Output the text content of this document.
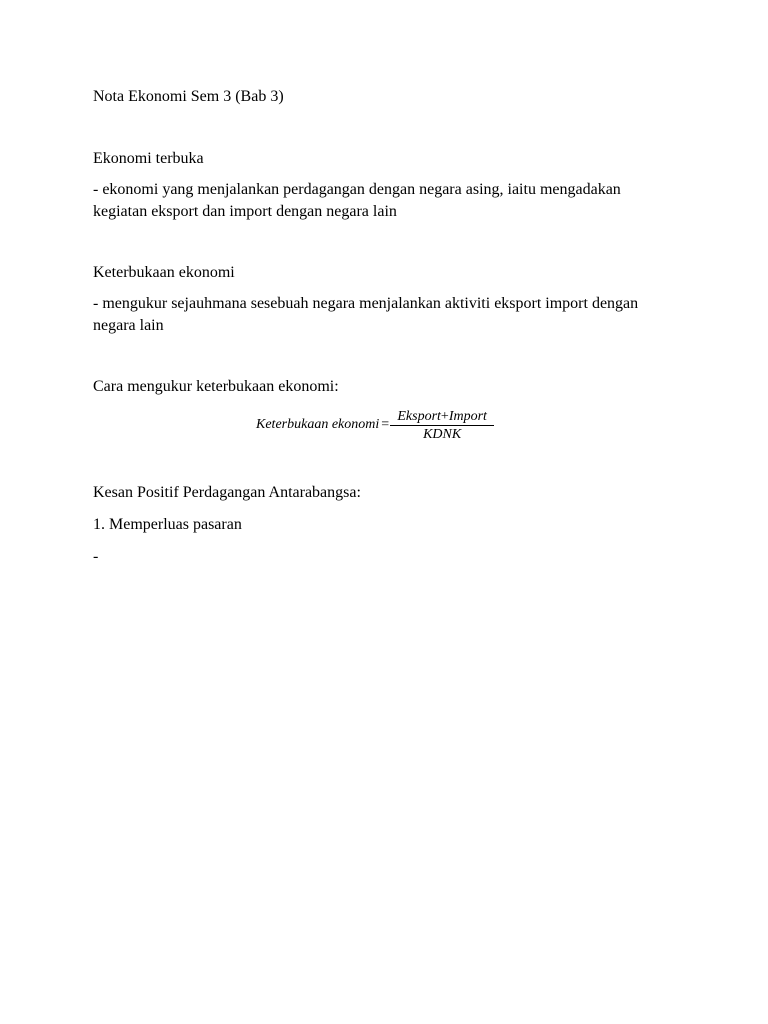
Nota Ekonomi Sem 3 (Bab 3)
Ekonomi terbuka
- ekonomi yang menjalankan perdagangan dengan negara asing, iaitu mengadakan kegiatan eksport dan import dengan negara lain
Keterbukaan ekonomi
- mengukur sejauhmana sesebuah negara menjalankan aktiviti eksport import dengan negara lain
Cara mengukur keterbukaan ekonomi:
Keterbukaan ekonomi = $\frac{\text{Eksport+Import}}{\text{KDNK}}$
Kesan Positif Perdagangan Antarabangsa:
1. Memperluas pasaran
-
